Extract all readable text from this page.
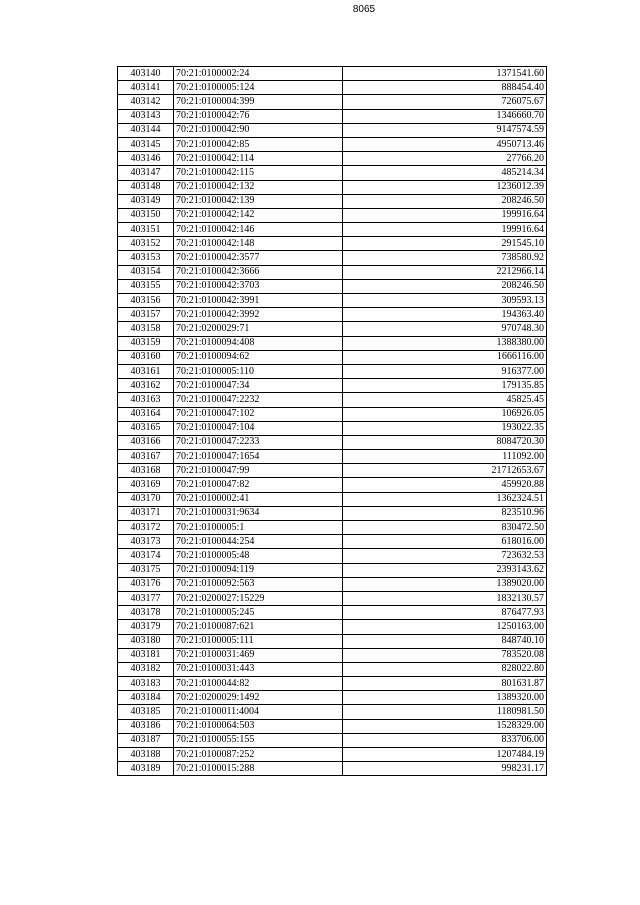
8065
403140	70:21:0100002:24	1371541.60
403141	70:21:0100005:124	888454.40
403142	70:21:0100004:399	726075.67
403143	70:21:0100042:76	1346660.70
403144	70:21:0100042:90	9147574.59
403145	70:21:0100042:85	4950713.46
403146	70:21:0100042:114	27766.20
403147	70:21:0100042:115	485214.34
403148	70:21:0100042:132	1236012.39
403149	70:21:0100042:139	208246.50
403150	70:21:0100042:142	199916.64
403151	70:21:0100042:146	199916.64
403152	70:21:0100042:148	291545.10
403153	70:21:0100042:3577	738580.92
403154	70:21:0100042:3666	2212966.14
403155	70:21:0100042:3703	208246.50
403156	70:21:0100042:3991	309593.13
403157	70:21:0100042:3992	194363.40
403158	70:21:0200029:71	970748.30
403159	70:21:0100094:408	1388380.00
403160	70:21:0100094:62	1666116.00
403161	70:21:0100005:110	916377.00
403162	70:21:0100047:34	179135.85
403163	70:21:0100047:2232	45825.45
403164	70:21:0100047:102	106926.05
403165	70:21:0100047:104	193022.35
403166	70:21:0100047:2233	8084720.30
403167	70:21:0100047:1654	111092.00
403168	70:21:0100047:99	21712653.67
403169	70:21:0100047:82	459920.88
403170	70:21:0100002:41	1362324.51
403171	70:21:0100031:9634	823510.96
403172	70:21:0100005:1	830472.50
403173	70:21:0100044:254	618016.00
403174	70:21:0100005:48	723632.53
403175	70:21:0100094:119	2393143.62
403176	70:21:0100092:563	1389020.00
403177	70:21:0200027:15229	1832130.57
403178	70:21:0100005:245	876477.93
403179	70:21:0100087:621	1250163.00
403180	70:21:0100005:111	848740.10
403181	70:21:0100031:469	783520.08
403182	70:21:0100031:443	828022.80
403183	70:21:0100044:82	801631.87
403184	70:21:0200029:1492	1389320.00
403185	70:21:0100011:4004	1180981.50
403186	70:21:0100064:503	1528329.00
403187	70:21:0100055:155	833706.00
403188	70:21:0100087:252	1207484.19
403189	70:21:0100015:288	998231.17
